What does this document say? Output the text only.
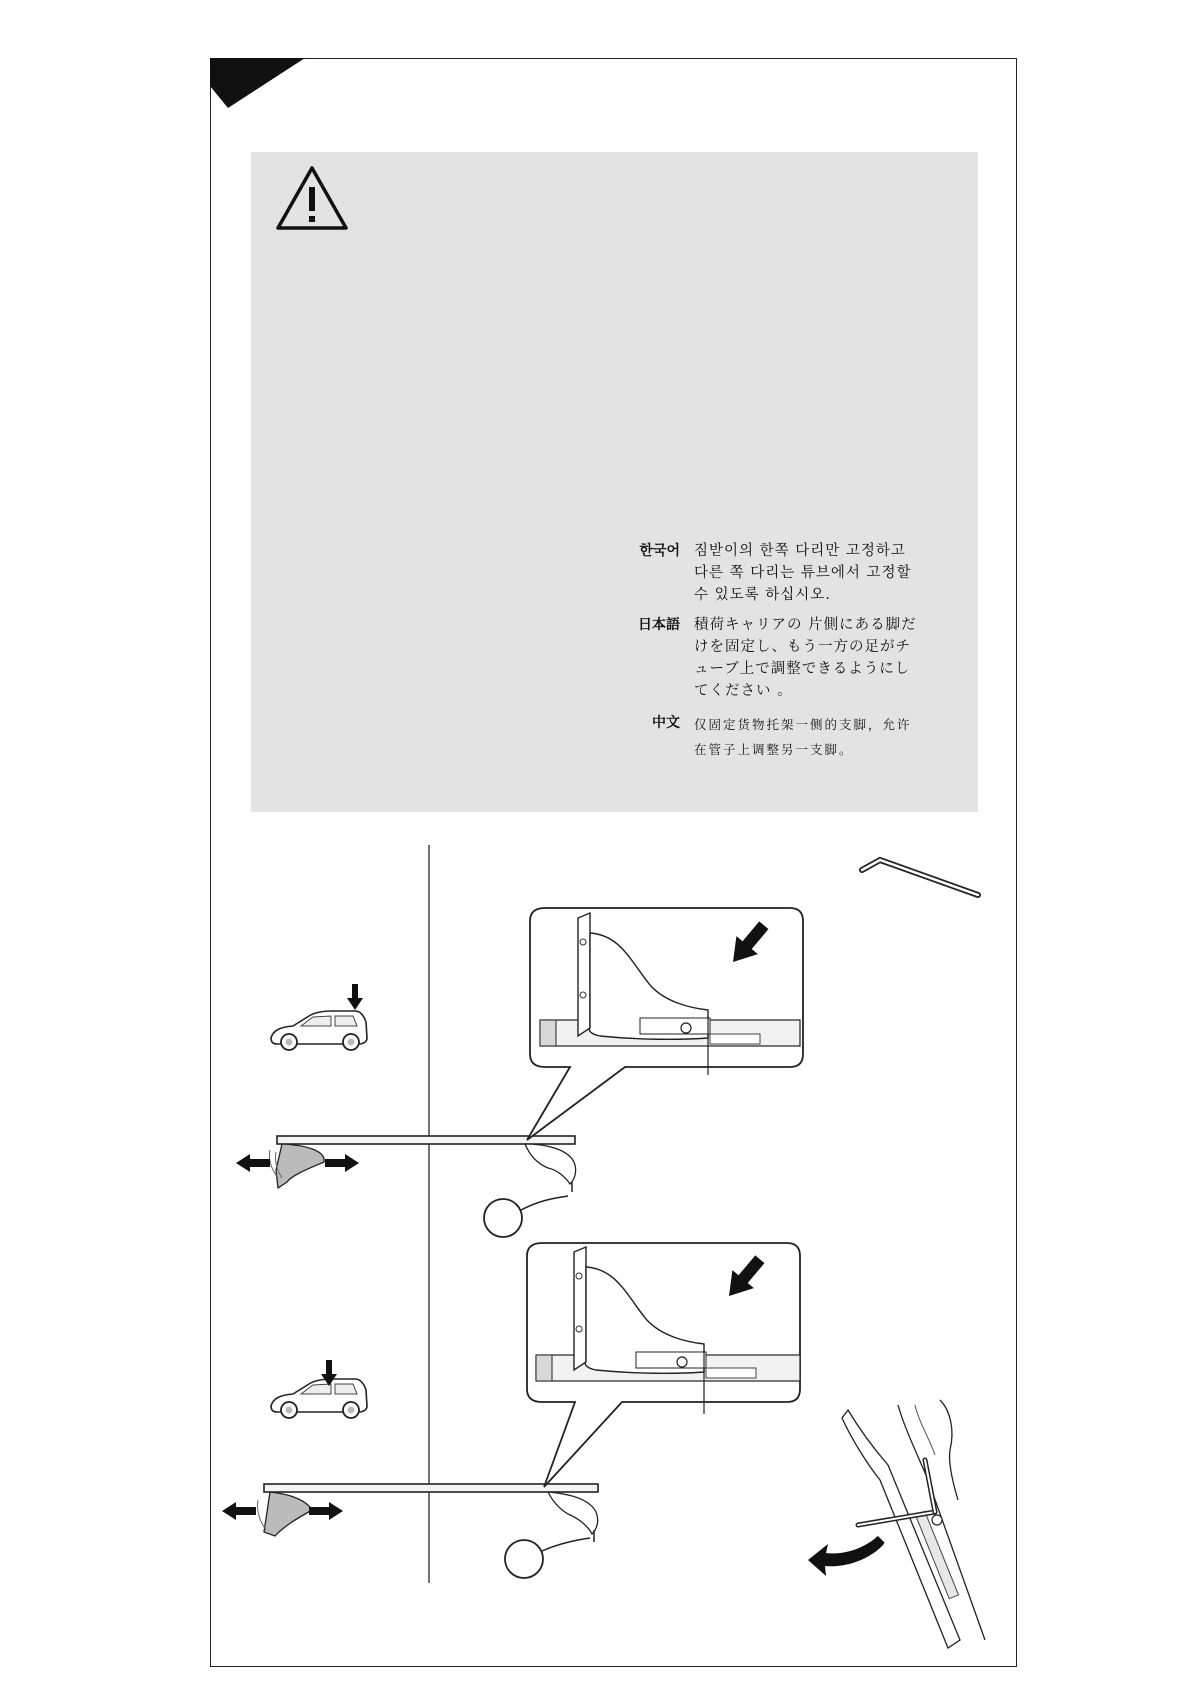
한국어 짐받이의 한쪽 다리만 고정하고
다른 쪽 다리는 튜브에서 고정할
수 있도록 하십시오.
日本語 積荷キャリアの 片側にある脚だ
けを固定し、もう一方の足がチ
ューブ上で調整できるようにし
てください 。
中文 仅固定货物托架一侧的支脚，允许
在管子上调整另一支脚。
